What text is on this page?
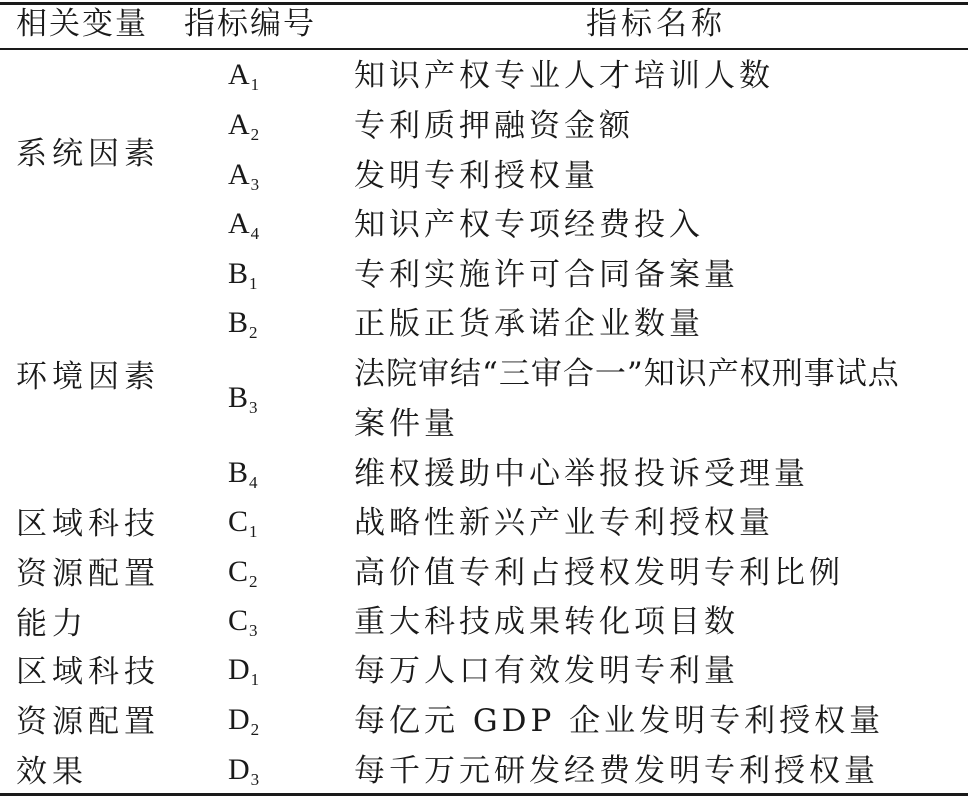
相关变量 指标编号	指标名称
系统因素
环境因素
区域科技
资源配置
能力
区域科技
资源配置
效果
$A_1$
$A_2$
$A_3$
$A_4$
$B_1$
$B_2$
$B_3$
$B_4$
$C_1$
$C_2$
$C_3$
$D_1$
$D_2$
$D_3$
知识产权专业人才培训人数
专利质押融资金额
发明专利授权量
知识产权专项经费投入
专利实施许可合同备案量
正版正货承诺企业数量
法院审结“三审合一”知识产权刑事试点
案件量
维权援助中心举报投诉受理量
战略性新兴产业专利授权量
高价值专利占授权发明专利比例
重大科技成果转化项目数
每万人口有效发明专利量
每亿元 GDP 企业发明专利授权量
每千万元研发经费发明专利授权量
